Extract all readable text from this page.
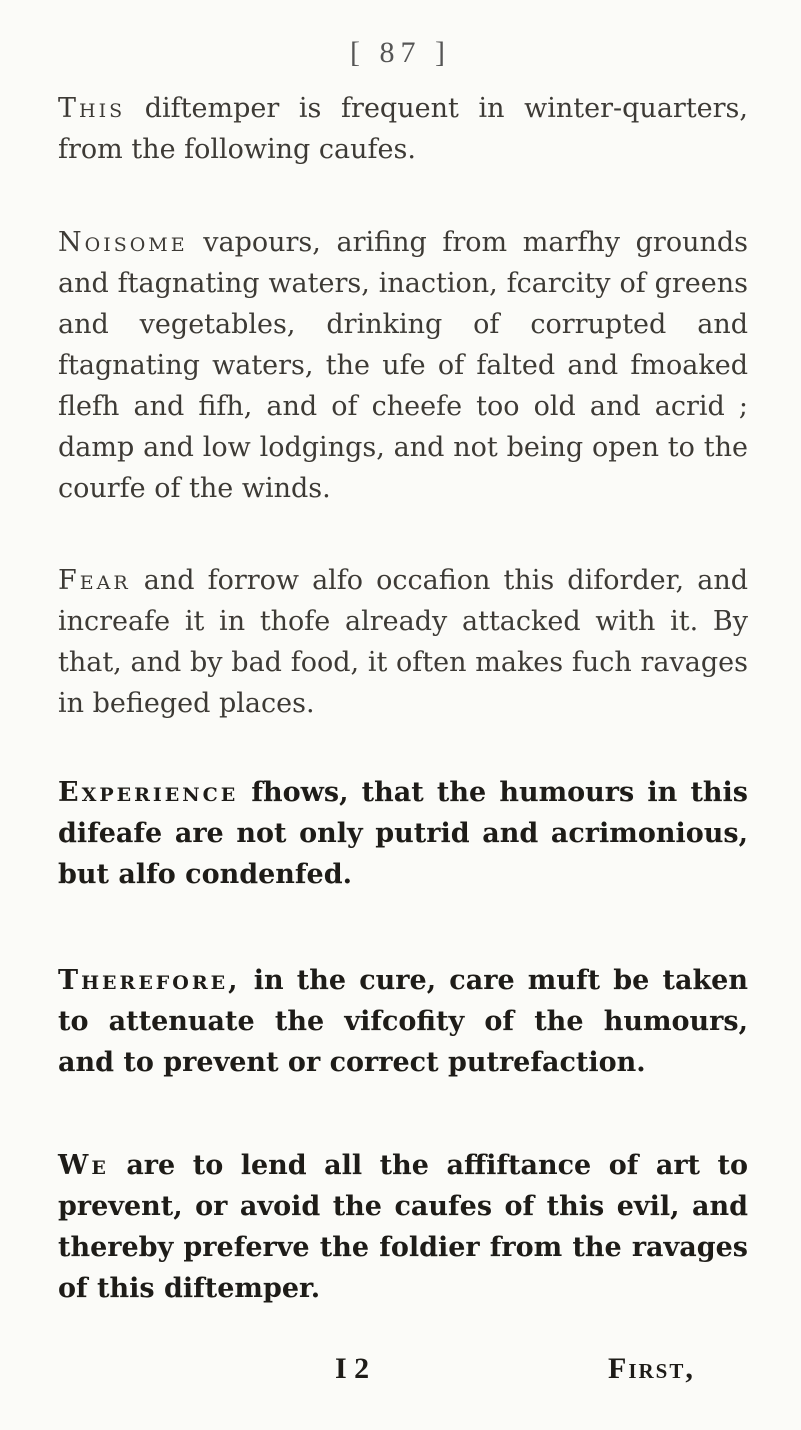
[ 87 ]

This diftemper is frequent in winter-quarters, from the following caufes.

Noisome vapours, arifing from marfhy grounds and ftagnating waters, inaction, fcarcity of greens and vegetables, drinking of corrupted and ftagnating waters, the ufe of falted and fmoaked flefh and fifh, and of cheefe too old and acrid ; damp and low lodgings, and not being open to the courfe of the winds.

Fear and forrow alfo occafion this diforder, and increafe it in thofe already attacked with it. By that, and by bad food, it often makes fuch ravages in befieged places.

Experience fhows, that the humours in this difeafe are not only putrid and acrimonious, but alfo condenfed.

Therefore, in the cure, care muft be taken to attenuate the vifcofity of the humours, and to prevent or correct putrefaction.

We are to lend all the affiftance of art to prevent, or avoid the caufes of this evil, and thereby preferve the foldier from the ravages of this diftemper.

I 2	First,
